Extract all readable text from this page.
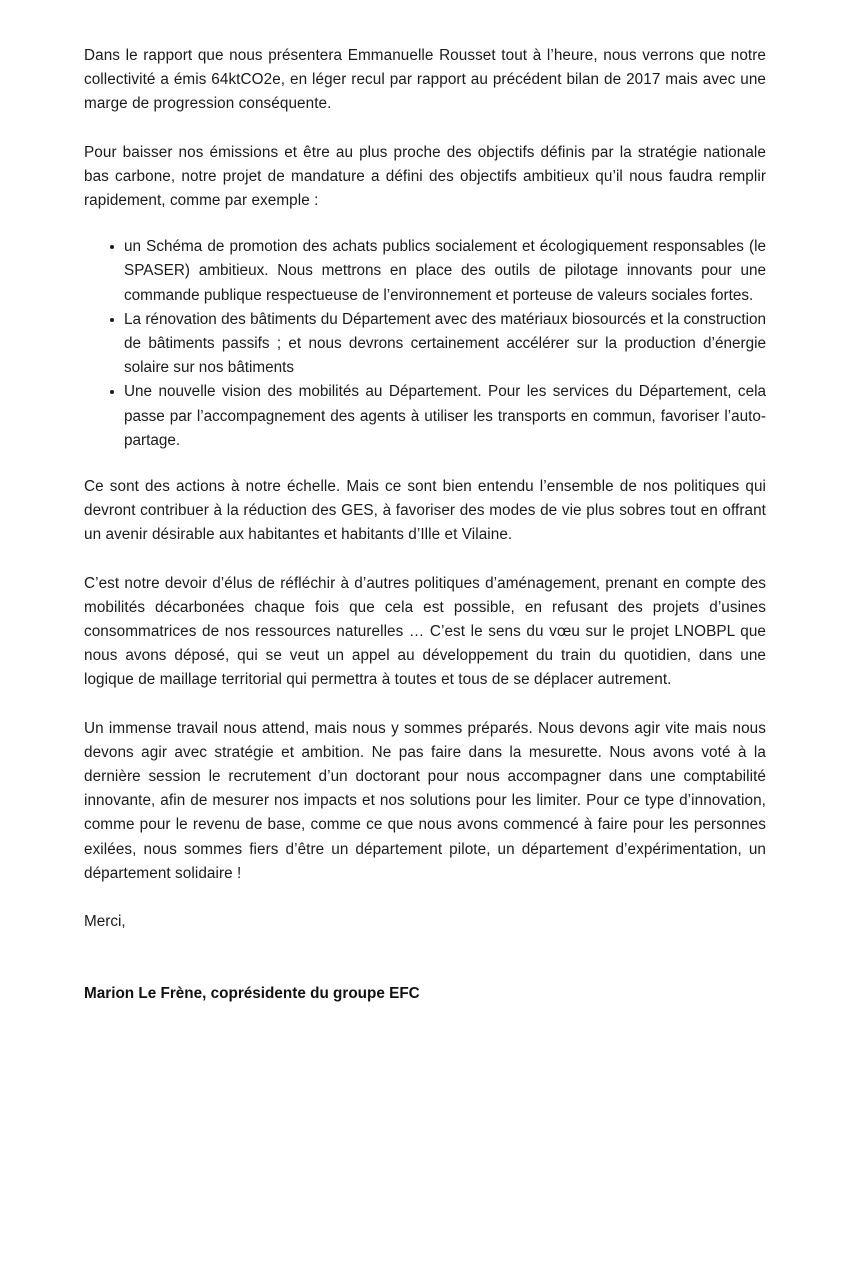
Dans le rapport que nous présentera Emmanuelle Rousset tout à l’heure, nous verrons que notre collectivité a émis 64ktCO2e, en léger recul par rapport au précédent bilan de 2017 mais avec une marge de progression conséquente.

Pour baisser nos émissions et être au plus proche des objectifs définis par la stratégie nationale bas carbone, notre projet de mandature a défini des objectifs ambitieux qu’il nous faudra remplir rapidement, comme par exemple :

un Schéma de promotion des achats publics socialement et écologiquement responsables (le SPASER) ambitieux. Nous mettrons en place des outils de pilotage innovants pour une commande publique respectueuse de l’environnement et porteuse de valeurs sociales fortes.
La rénovation des bâtiments du Département avec des matériaux biosourcés et la construction de bâtiments passifs ; et nous devrons certainement accélérer sur la production d’énergie solaire sur nos bâtiments
Une nouvelle vision des mobilités au Département. Pour les services du Département, cela passe par l’accompagnement des agents à utiliser les transports en commun, favoriser l’auto-partage.

Ce sont des actions à notre échelle. Mais ce sont bien entendu l’ensemble de nos politiques qui devront contribuer à la réduction des GES, à favoriser des modes de vie plus sobres tout en offrant un avenir désirable aux habitantes et habitants d’Ille et Vilaine.

C’est notre devoir d’élus de réfléchir à d’autres politiques d’aménagement, prenant en compte des mobilités décarbonées chaque fois que cela est possible, en refusant des projets d’usines consommatrices de nos ressources naturelles … C’est le sens du vœu sur le projet LNOBPL que nous avons déposé, qui se veut un appel au développement du train du quotidien, dans une logique de maillage territorial qui permettra à toutes et tous de se déplacer autrement.

Un immense travail nous attend, mais nous y sommes préparés. Nous devons agir vite mais nous devons agir avec stratégie et ambition. Ne pas faire dans la mesurette. Nous avons voté à la dernière session le recrutement d’un doctorant pour nous accompagner dans une comptabilité innovante, afin de mesurer nos impacts et nos solutions pour les limiter. Pour ce type d’innovation, comme pour le revenu de base, comme ce que nous avons commencé à faire pour les personnes exilées, nous sommes fiers d’être un département pilote, un département d’expérimentation, un département solidaire !

Merci,

Marion Le Frène, coprésidente du groupe EFC
